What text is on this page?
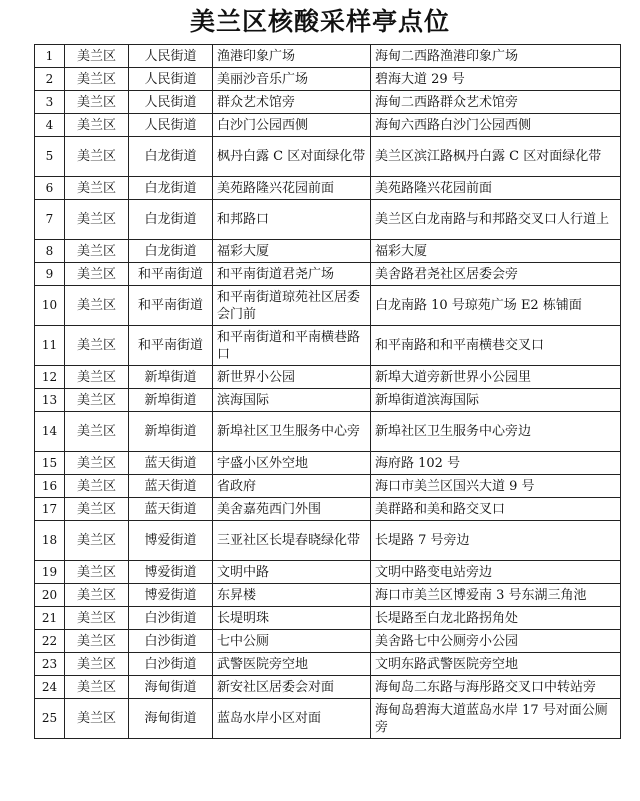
美兰区核酸采样亭点位
1	美兰区	人民街道	渔港印象广场	海甸二西路渔港印象广场
2	美兰区	人民街道	美丽沙音乐广场	碧海大道 29 号
3	美兰区	人民街道	群众艺术馆旁	海甸二西路群众艺术馆旁
4	美兰区	人民街道	白沙门公园西侧	海甸六西路白沙门公园西侧
5	美兰区	白龙街道	枫丹白露 C 区对面绿化带	美兰区滨江路枫丹白露 C 区对面绿化带
6	美兰区	白龙街道	美苑路隆兴花园前面	美苑路隆兴花园前面
7	美兰区	白龙街道	和邦路口	美兰区白龙南路与和邦路交叉口人行道上
8	美兰区	白龙街道	福彩大厦	福彩大厦
9	美兰区	和平南街道	和平南街道君尧广场	美舍路君尧社区居委会旁
10	美兰区	和平南街道	和平南街道琼苑社区居委会门前	白龙南路 10 号琼苑广场 E2 栋铺面
11	美兰区	和平南街道	和平南街道和平南横巷路口	和平南路和和平南横巷交叉口
12	美兰区	新埠街道	新世界小公园	新埠大道旁新世界小公园里
13	美兰区	新埠街道	滨海国际	新埠街道滨海国际
14	美兰区	新埠街道	新埠社区卫生服务中心旁	新埠社区卫生服务中心旁边
15	美兰区	蓝天街道	宇盛小区外空地	海府路 102 号
16	美兰区	蓝天街道	省政府	海口市美兰区国兴大道 9 号
17	美兰区	蓝天街道	美舍嘉苑西门外围	美群路和美和路交叉口
18	美兰区	博爱街道	三亚社区长堤春晓绿化带	长堤路 7 号旁边
19	美兰区	博爱街道	文明中路	文明中路变电站旁边
20	美兰区	博爱街道	东昇楼	海口市美兰区博爱南 3 号东湖三角池
21	美兰区	白沙街道	长堤明珠	长堤路至白龙北路拐角处
22	美兰区	白沙街道	七中公厕	美舍路七中公厕旁小公园
23	美兰区	白沙街道	武警医院旁空地	文明东路武警医院旁空地
24	美兰区	海甸街道	新安社区居委会对面	海甸岛二东路与海彤路交叉口中转站旁
25	美兰区	海甸街道	蓝岛水岸小区对面	海甸岛碧海大道蓝岛水岸 17 号对面公厕旁
